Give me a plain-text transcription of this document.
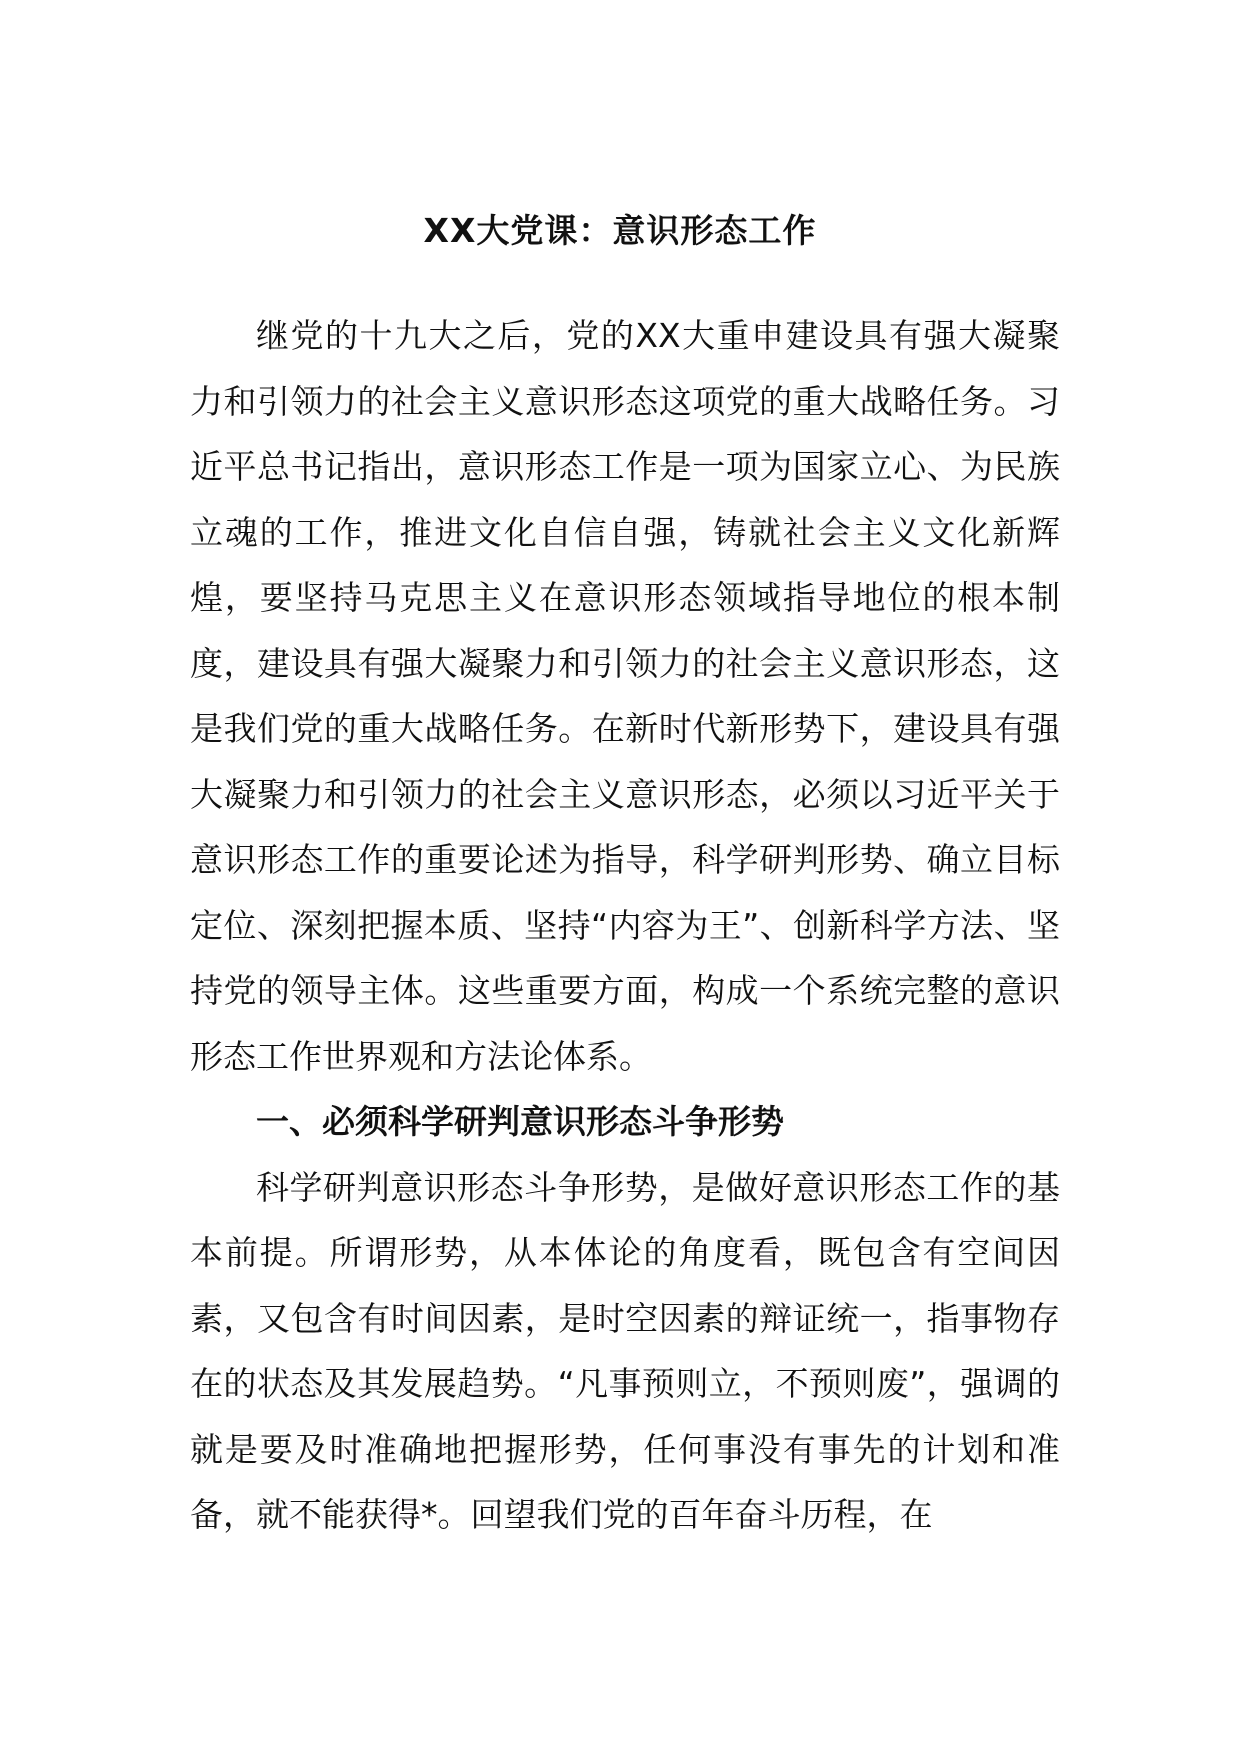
XX大党课：意识形态工作

继党的十九大之后，党的XX大重申建设具有强大凝聚力和引领力的社会主义意识形态这项党的重大战略任务。习近平总书记指出，意识形态工作是一项为国家立心、为民族立魂的工作，推进文化自信自强，铸就社会主义文化新辉煌，要坚持马克思主义在意识形态领域指导地位的根本制度，建设具有强大凝聚力和引领力的社会主义意识形态，这是我们党的重大战略任务。在新时代新形势下，建设具有强大凝聚力和引领力的社会主义意识形态，必须以习近平关于意识形态工作的重要论述为指导，科学研判形势、确立目标定位、深刻把握本质、坚持“内容为王”、创新科学方法、坚持党的领导主体。这些重要方面，构成一个系统完整的意识形态工作世界观和方法论体系。

一、必须科学研判意识形态斗争形势

科学研判意识形态斗争形势，是做好意识形态工作的基本前提。所谓形势，从本体论的角度看，既包含有空间因素，又包含有时间因素，是时空因素的辩证统一，指事物存在的状态及其发展趋势。“凡事预则立，不预则废”，强调的就是要及时准确地把握形势，任何事没有事先的计划和准备，就不能获得*。回望我们党的百年奋斗历程，在
